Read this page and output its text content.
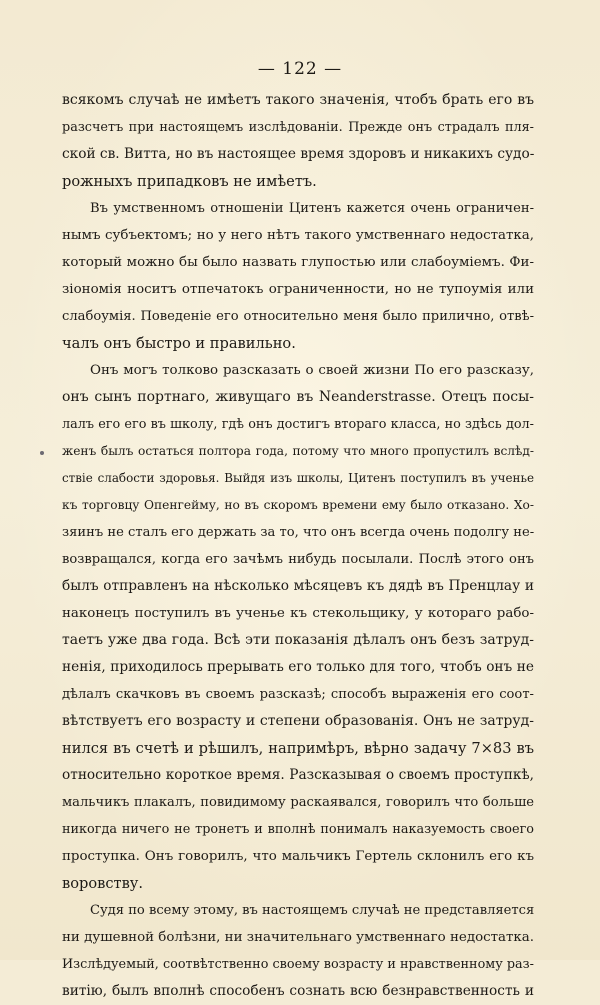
— 122 —
всякомъ случаѣ не имѣетъ такого значенія, чтобъ брать его въ
разсчетъ при настоящемъ изслѣдованіи. Прежде онъ страдалъ пля-
ской св. Витта, но въ настоящее время здоровъ и никакихъ судо-
рожныхъ припадковъ не имѣетъ.
Въ умственномъ отношеніи Цитенъ кажется очень ограничен-
нымъ субъектомъ; но у него нѣтъ такого умственнаго недостатка,
который можно бы было назвать глупостью или слабоуміемъ. Фи-
зіономія носитъ отпечатокъ ограниченности, но не тупоумія или
слабоумія. Поведеніе его относительно меня было прилично, отвѣ-
чалъ онъ быстро и правильно.
Онъ могъ толково разсказать о своей жизни По его разсказу,
онъ сынъ портнаго, живущаго въ Neanderstrasse. Отецъ посы-
лалъ его его въ школу, гдѣ онъ достигъ втораго класса, но здѣсь дол-
женъ былъ остаться полтора года, потому что много пропустилъ вслѣд-
ствіе слабости здоровья. Выйдя изъ школы, Цитенъ поступилъ въ ученье
къ торговцу Опенгейму, но въ скоромъ времени ему было отказано. Хо-
зяинъ не сталъ его держать за то, что онъ всегда очень подолгу не-
возвращался, когда его зачѣмъ нибудь посылали. Послѣ этого онъ
былъ отправленъ на нѣсколько мѣсяцевъ къ дядѣ въ Пренцлау и
наконецъ поступилъ въ ученье къ стекольщику, у котораго рабо-
таетъ уже два года. Всѣ эти показанія дѣлалъ онъ безъ затруд-
ненія, приходилось прерывать его только для того, чтобъ онъ не
дѣлалъ скачковъ въ своемъ разсказѣ; способъ выраженія его соот-
вѣтствуетъ его возрасту и степени образованія. Онъ не затруд-
нился въ счетѣ и рѣшилъ, напримѣръ, вѣрно задачу 7×83 въ
относительно короткое время. Разсказывая о своемъ проступкѣ,
мальчикъ плакалъ, повидимому раскаявался, говорилъ что больше
никогда ничего не тронетъ и вполнѣ понималъ наказуемость своего
проступка. Онъ говорилъ, что мальчикъ Гертель склонилъ его къ
воровству.
Судя по всему этому, въ настоящемъ случаѣ не представляется
ни душевной болѣзни, ни значительнаго умственнаго недостатка.
Изслѣдуемый, соотвѣтственно своему возрасту и нравственному раз-
витію, былъ вполнѣ способенъ сознать всю безнравственность и
